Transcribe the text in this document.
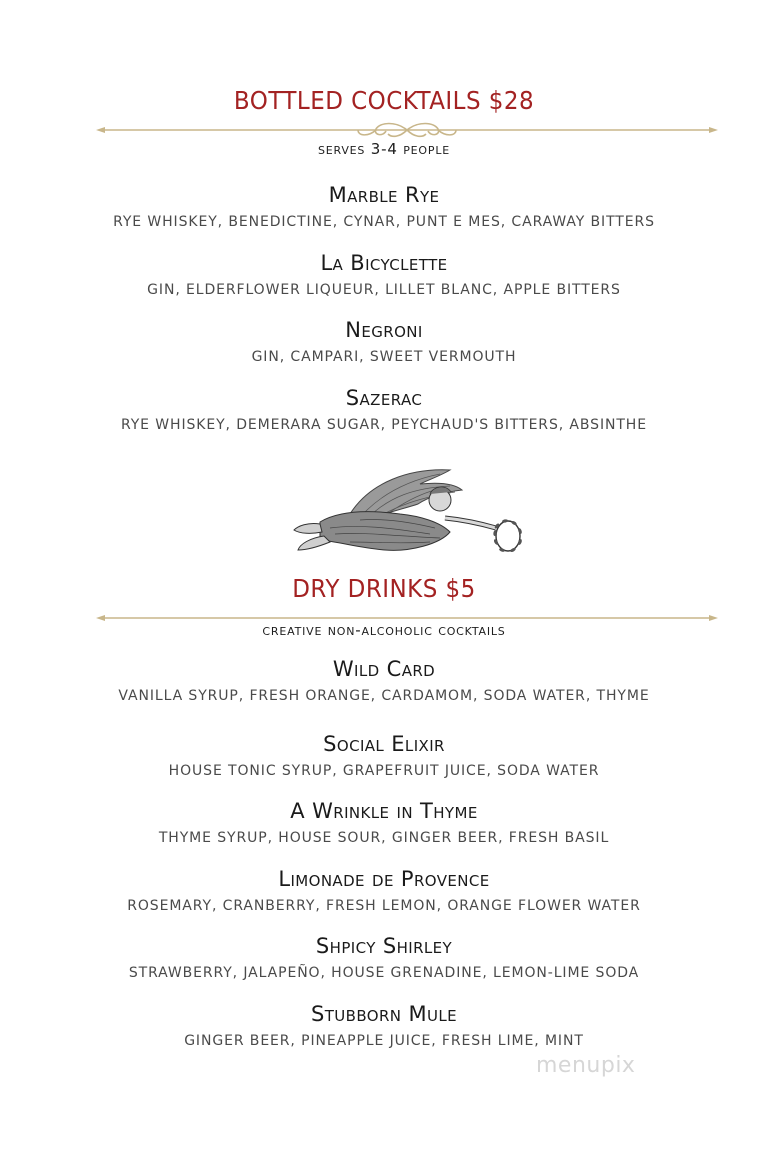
BOTTLED COCKTAILS $28
serves 3-4 people
Marble Rye
RYE WHISKEY, BENEDICTINE, CYNAR, PUNT E MES, CARAWAY BITTERS
La Bicyclette
GIN, ELDERFLOWER LIQUEUR, LILLET BLANC, APPLE BITTERS
Negroni
GIN, CAMPARI, SWEET VERMOUTH
Sazerac
RYE WHISKEY, DEMERARA SUGAR, PEYCHAUD'S BITTERS, ABSINTHE
DRY DRINKS $5
creative non-alcoholic cocktails
Wild Card
VANILLA SYRUP, FRESH ORANGE, CARDAMOM, SODA WATER, THYME
Social Elixir
HOUSE TONIC SYRUP, GRAPEFRUIT JUICE, SODA WATER
A Wrinkle in Thyme
THYME SYRUP, HOUSE SOUR, GINGER BEER, FRESH BASIL
Limonade de Provence
ROSEMARY, CRANBERRY, FRESH LEMON, ORANGE FLOWER WATER
Shpicy Shirley
STRAWBERRY, JALAPEÑO, HOUSE GRENADINE, LEMON-LIME SODA
Stubborn Mule
GINGER BEER, PINEAPPLE JUICE, FRESH LIME, MINT
menupix
